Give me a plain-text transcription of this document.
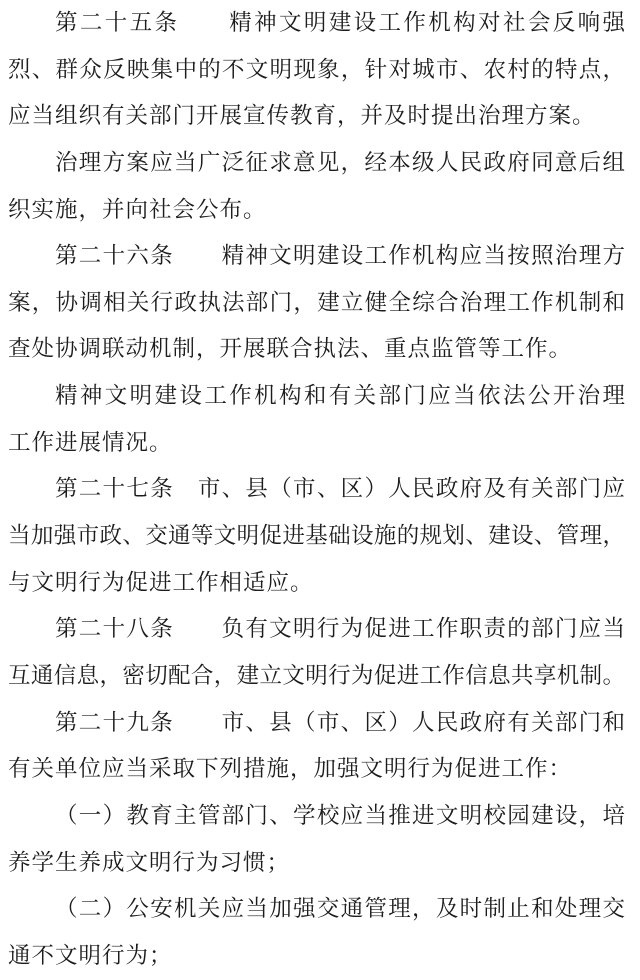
第二十五条　　精神文明建设工作机构对社会反响强
烈、群众反映集中的不文明现象，针对城市、农村的特点，
应当组织有关部门开展宣传教育，并及时提出治理方案。
治理方案应当广泛征求意见，经本级人民政府同意后组
织实施，并向社会公布。
第二十六条　　精神文明建设工作机构应当按照治理方
案，协调相关行政执法部门，建立健全综合治理工作机制和
查处协调联动机制，开展联合执法、重点监管等工作。
精神文明建设工作机构和有关部门应当依法公开治理
工作进展情况。
第二十七条　市、县（市、区）人民政府及有关部门应
当加强市政、交通等文明促进基础设施的规划、建设、管理，
与文明行为促进工作相适应。
第二十八条　　负有文明行为促进工作职责的部门应当
互通信息，密切配合，建立文明行为促进工作信息共享机制。
第二十九条　　市、县（市、区）人民政府有关部门和
有关单位应当采取下列措施，加强文明行为促进工作：
（一）教育主管部门、学校应当推进文明校园建设，培
养学生养成文明行为习惯；
（二）公安机关应当加强交通管理，及时制止和处理交
通不文明行为；
